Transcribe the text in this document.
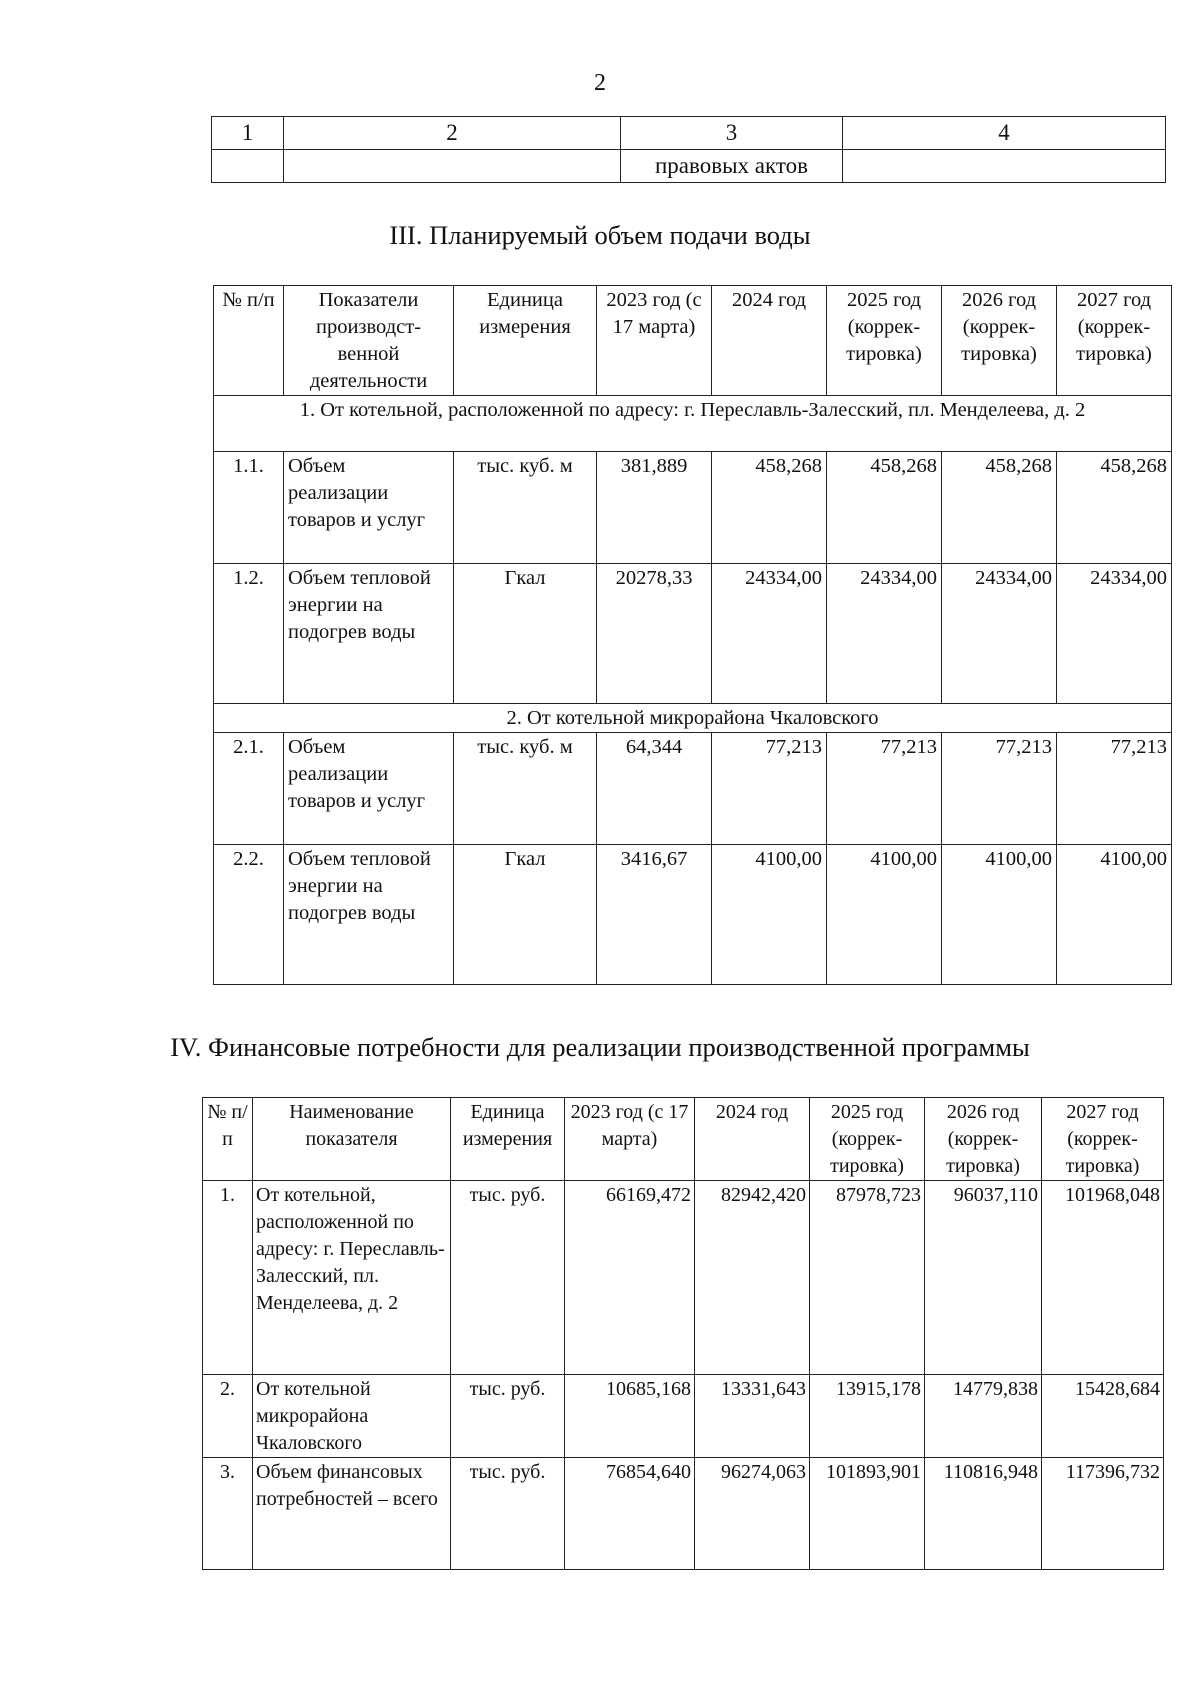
2
1	2	3	4
		правовых актов	
III. Планируемый объем подачи воды
№ п/п	Показатели производст-венной деятельности	Единица измерения	2023 год (с 17 марта)	2024 год	2025 год (коррек-тировка)	2026 год (коррек-тировка)	2027 год (коррек-тировка)
1. От котельной, расположенной по адресу: г. Переславль-Залесский, пл. Менделеева, д. 2							
1.1.	Объем реализации товаров и услуг	тыс. куб. м	381,889	458,268	458,268	458,268	458,268
1.2.	Объем тепловой энергии на подогрев воды	Гкал	20278,33	24334,00	24334,00	24334,00	24334,00
2. От котельной микрорайона Чкаловского							
2.1.	Объем реализации товаров и услуг	тыс. куб. м	64,344	77,213	77,213	77,213	77,213
2.2.	Объем тепловой энергии на подогрев воды	Гкал	3416,67	4100,00	4100,00	4100,00	4100,00
IV. Финансовые потребности для реализации производственной программы
№ п/п	Наименование показателя	Единица измерения	2023 год (с 17 марта)	2024 год	2025 год (коррек-тировка)	2026 год (коррек-тировка)	2027 год (коррек-тировка)
1.	От котельной, расположенной по адресу: г. Переславль-Залесский, пл. Менделеева, д. 2	тыс. руб.	66169,472	82942,420	87978,723	96037,110	101968,048
2.	От котельной микрорайона Чкаловского	тыс. руб.	10685,168	13331,643	13915,178	14779,838	15428,684
3.	Объем финансовых потребностей – всего	тыс. руб.	76854,640	96274,063	101893,901	110816,948	117396,732
